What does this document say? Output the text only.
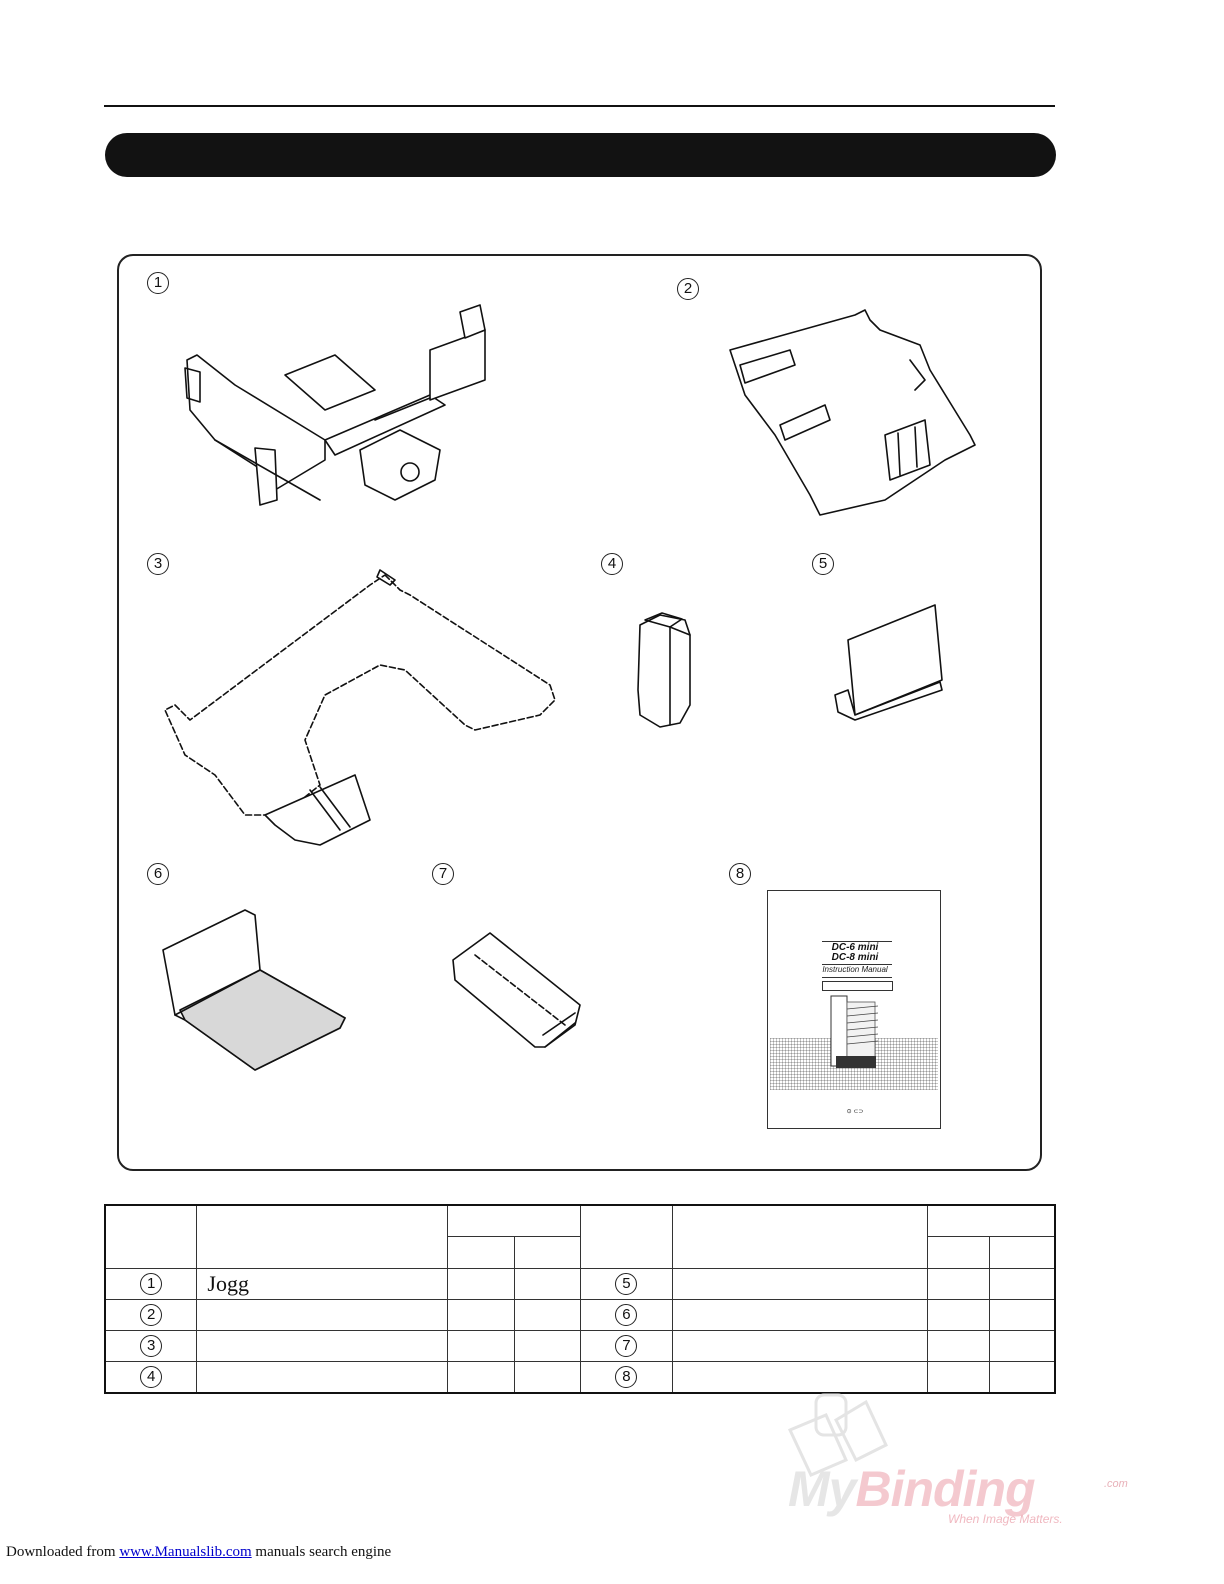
1	2
3	4	5
6	7	8
DC-6 mini
DC-8 mini
Instruction Manual
⊙ ⊂⊃

1	Jogg			5			
2				6			
3				7			
4				8			
MyBinding	.com
When Image Matters.
Downloaded from www.Manualslib.com manuals search engine
